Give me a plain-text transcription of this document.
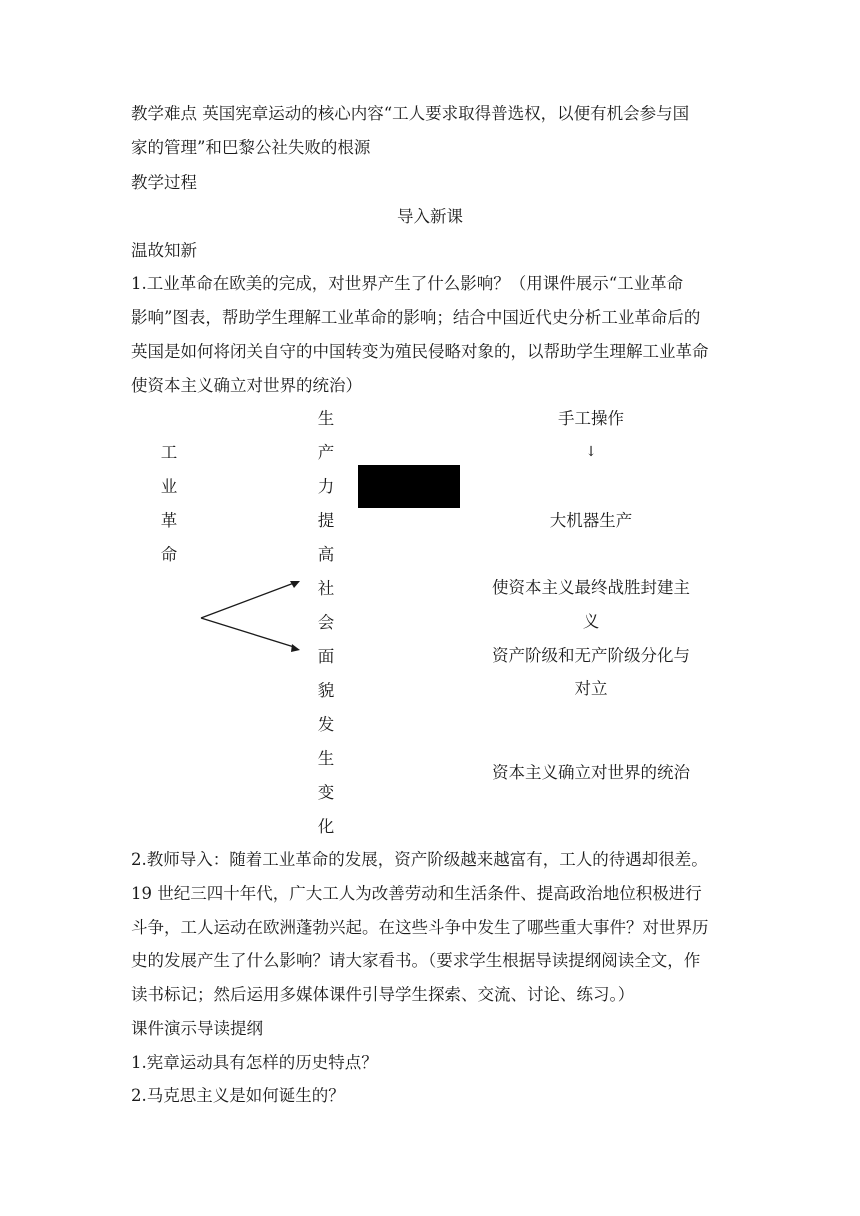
教学难点 英国宪章运动的核心内容“工人要求取得普选权，以便有机会参与国
家的管理”和巴黎公社失败的根源
教学过程
导入新课
温故知新
1.工业革命在欧美的完成，对世界产生了什么影响？（用课件展示“工业革命
影响”图表，帮助学生理解工业革命的影响；结合中国近代史分析工业革命后的
英国是如何将闭关自守的中国转变为殖民侵略对象的，以帮助学生理解工业革命
使资本主义确立对世界的统治）
工
业
革
命
生
产
力
提
高
社
会
面
貌
发
生
变
化
手工操作
↓
大机器生产
使资本主义最终战胜封建主
义
资产阶级和无产阶级分化与
对立
资本主义确立对世界的统治
2.教师导入：随着工业革命的发展，资产阶级越来越富有，工人的待遇却很差。
19 世纪三四十年代，广大工人为改善劳动和生活条件、提高政治地位积极进行
斗争，工人运动在欧洲蓬勃兴起。在这些斗争中发生了哪些重大事件？对世界历
史的发展产生了什么影响？请大家看书。（要求学生根据导读提纲阅读全文，作
读书标记；然后运用多媒体课件引导学生探索、交流、讨论、练习。）
课件演示导读提纲
1.宪章运动具有怎样的历史特点？
2.马克思主义是如何诞生的？
